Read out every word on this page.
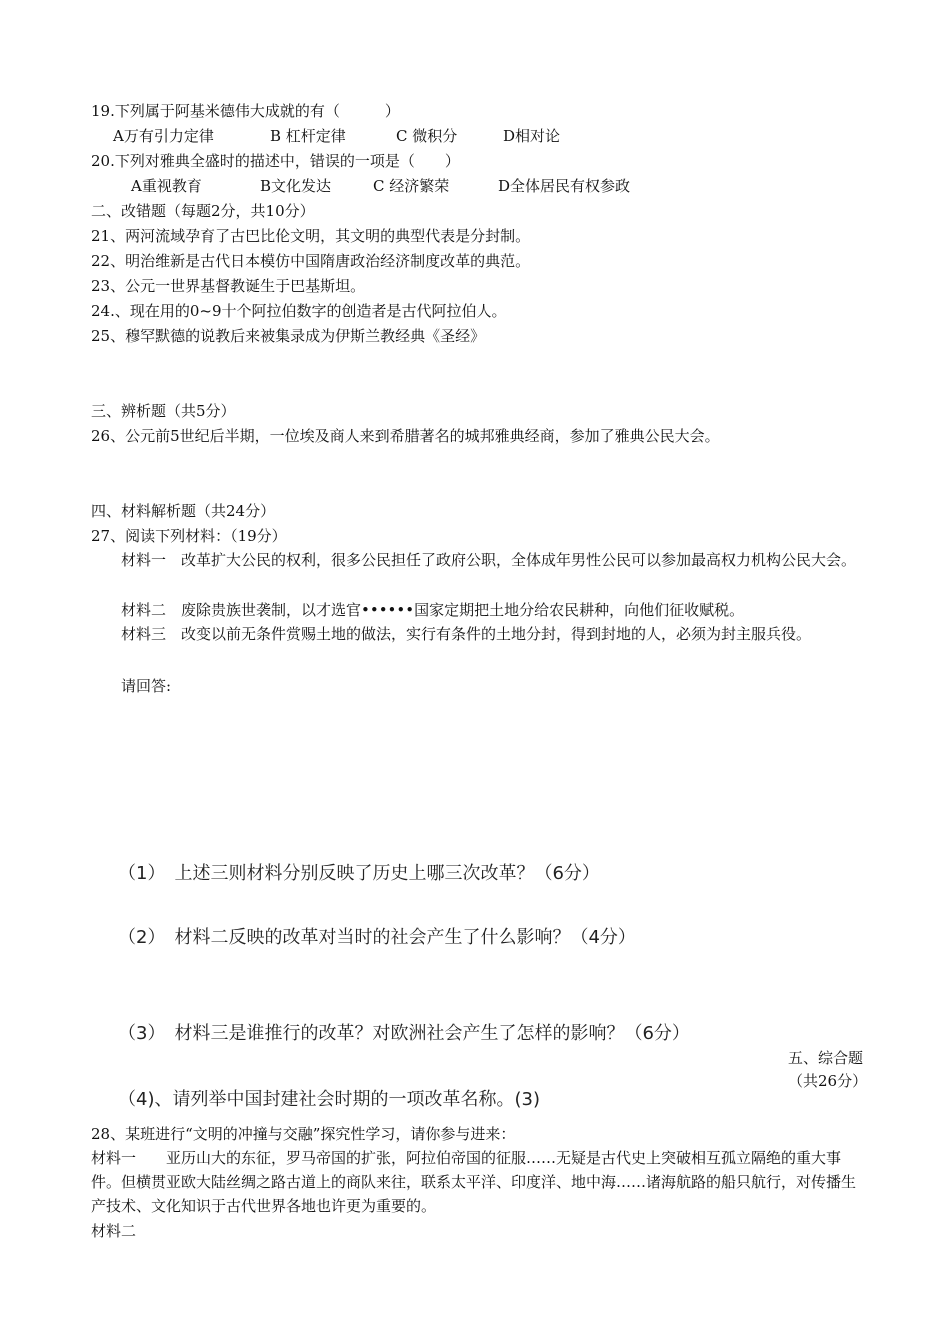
19.下列属于阿基米德伟大成就的有（　　　）
A万有引力定律	B 杠杆定律	C 微积分	D相对论
20.下列对雅典全盛时的描述中，错误的一项是（　　）
A重视教育	B文化发达	C 经济繁荣	D全体居民有权参政
二、改错题（每题2分，共10分）
21、两河流域孕育了古巴比伦文明，其文明的典型代表是分封制。
22、明治维新是古代日本模仿中国隋唐政治经济制度改革的典范。
23、公元一世界基督教诞生于巴基斯坦。
24.、现在用的0~9十个阿拉伯数字的创造者是古代阿拉伯人。
25、穆罕默德的说教后来被集录成为伊斯兰教经典《圣经》
三、辨析题（共5分）
26、公元前5世纪后半期，一位埃及商人来到希腊著名的城邦雅典经商，参加了雅典公民大会。
四、材料解析题（共24分）
27、阅读下列材料：（19分）
材料一　改革扩大公民的权利，很多公民担任了政府公职，全体成年男性公民可以参加最高权力机构公民大会。
材料二　废除贵族世袭制，以才选官••••••国家定期把土地分给农民耕种，向他们征收赋税。
材料三　改变以前无条件赏赐土地的做法，实行有条件的土地分封，得到封地的人，必须为封主服兵役。
请回答:
（1）　上述三则材料分别反映了历史上哪三次改革？（6分）
（2）　材料二反映的改革对当时的社会产生了什么影响？（4分）
（3）　材料三是谁推行的改革？对欧洲社会产生了怎样的影响？（6分）
（4)、请列举中国封建社会时期的一项改革名称。(3)
五、综合题（共26分）
28、某班进行“文明的冲撞与交融”探究性学习，请你参与进来：
材料一　　亚历山大的东征，罗马帝国的扩张，阿拉伯帝国的征服……无疑是古代史上突破相互孤立隔绝的重大事件。但横贯亚欧大陆丝绸之路古道上的商队来往，联系太平洋、印度洋、地中海……诸海航路的船只航行，对传播生产技术、文化知识于古代世界各地也许更为重要的。
材料二
